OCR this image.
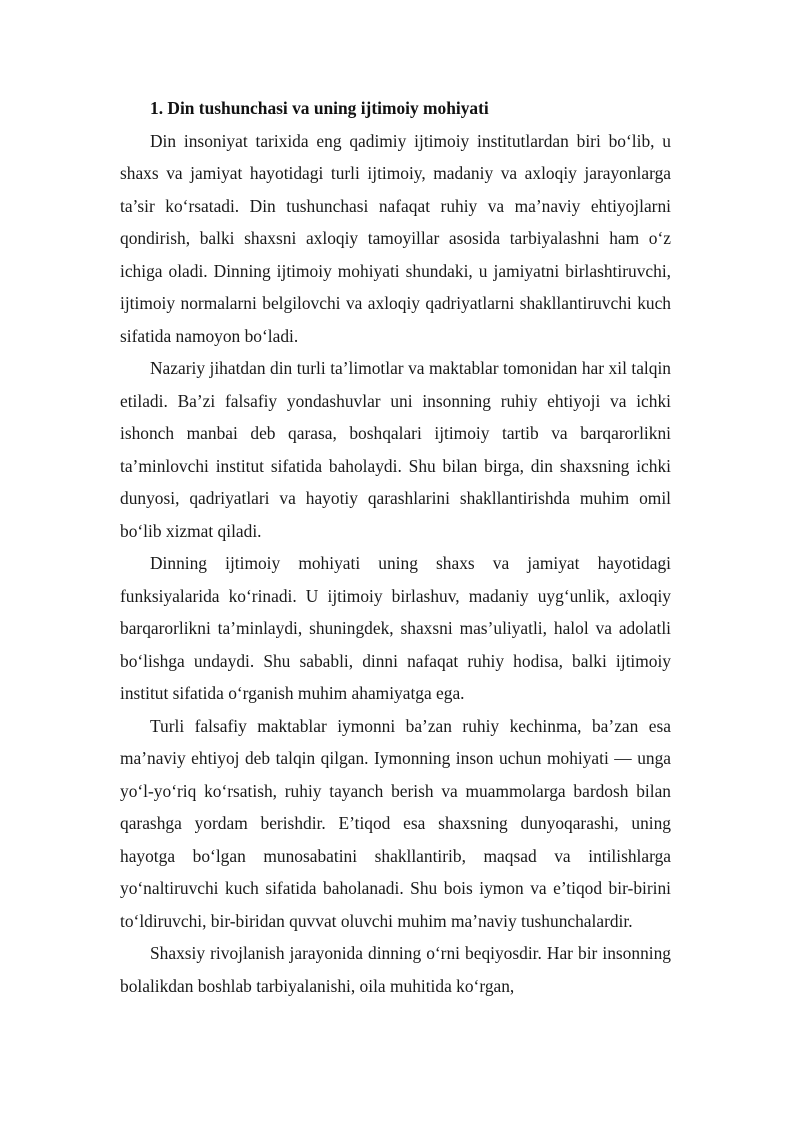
1. Din tushunchasi va uning ijtimoiy mohiyati

Din insoniyat tarixida eng qadimiy ijtimoiy institutlardan biri bo‘lib, u shaxs va jamiyat hayotidagi turli ijtimoiy, madaniy va axloqiy jarayonlarga ta’sir ko‘rsatadi. Din tushunchasi nafaqat ruhiy va ma’naviy ehtiyojlarni qondirish, balki shaxsni axloqiy tamoyillar asosida tarbiyalashni ham o‘z ichiga oladi. Dinning ijtimoiy mohiyati shundaki, u jamiyatni birlashtiruvchi, ijtimoiy normalarni belgilovchi va axloqiy qadriyatlarni shakllantiruvchi kuch sifatida namoyon bo‘ladi.

Nazariy jihatdan din turli ta’limotlar va maktablar tomonidan har xil talqin etiladi. Ba’zi falsafiy yondashuvlar uni insonning ruhiy ehtiyoji va ichki ishonch manbai deb qarasa, boshqalari ijtimoiy tartib va barqarorlikni ta’minlovchi institut sifatida baholaydi. Shu bilan birga, din shaxsning ichki dunyosi, qadriyatlari va hayotiy qarashlarini shakllantirishda muhim omil bo‘lib xizmat qiladi.

Dinning ijtimoiy mohiyati uning shaxs va jamiyat hayotidagi funksiyalarida ko‘rinadi. U ijtimoiy birlashuv, madaniy uyg‘unlik, axloqiy barqarorlikni ta’minlaydi, shuningdek, shaxsni mas’uliyatli, halol va adolatli bo‘lishga undaydi. Shu sababli, dinni nafaqat ruhiy hodisa, balki ijtimoiy institut sifatida o‘rganish muhim ahamiyatga ega.

Turli falsafiy maktablar iymonni ba’zan ruhiy kechinma, ba’zan esa ma’naviy ehtiyoj deb talqin qilgan. Iymonning inson uchun mohiyati — unga yo‘l-yo‘riq ko‘rsatish, ruhiy tayanch berish va muammolarga bardosh bilan qarashga yordam berishdir. E’tiqod esa shaxsning dunyoqarashi, uning hayotga bo‘lgan munosabatini shakllantirib, maqsad va intilishlarga yo‘naltiruvchi kuch sifatida baholanadi. Shu bois iymon va e’tiqod bir-birini to‘ldiruvchi, bir-biridan quvvat oluvchi muhim ma’naviy tushunchalardir.

Shaxsiy rivojlanish jarayonida dinning o‘rni beqiyosdir. Har bir insonning bolalikdan boshlab tarbiyalanishi, oila muhitida ko‘rgan,
